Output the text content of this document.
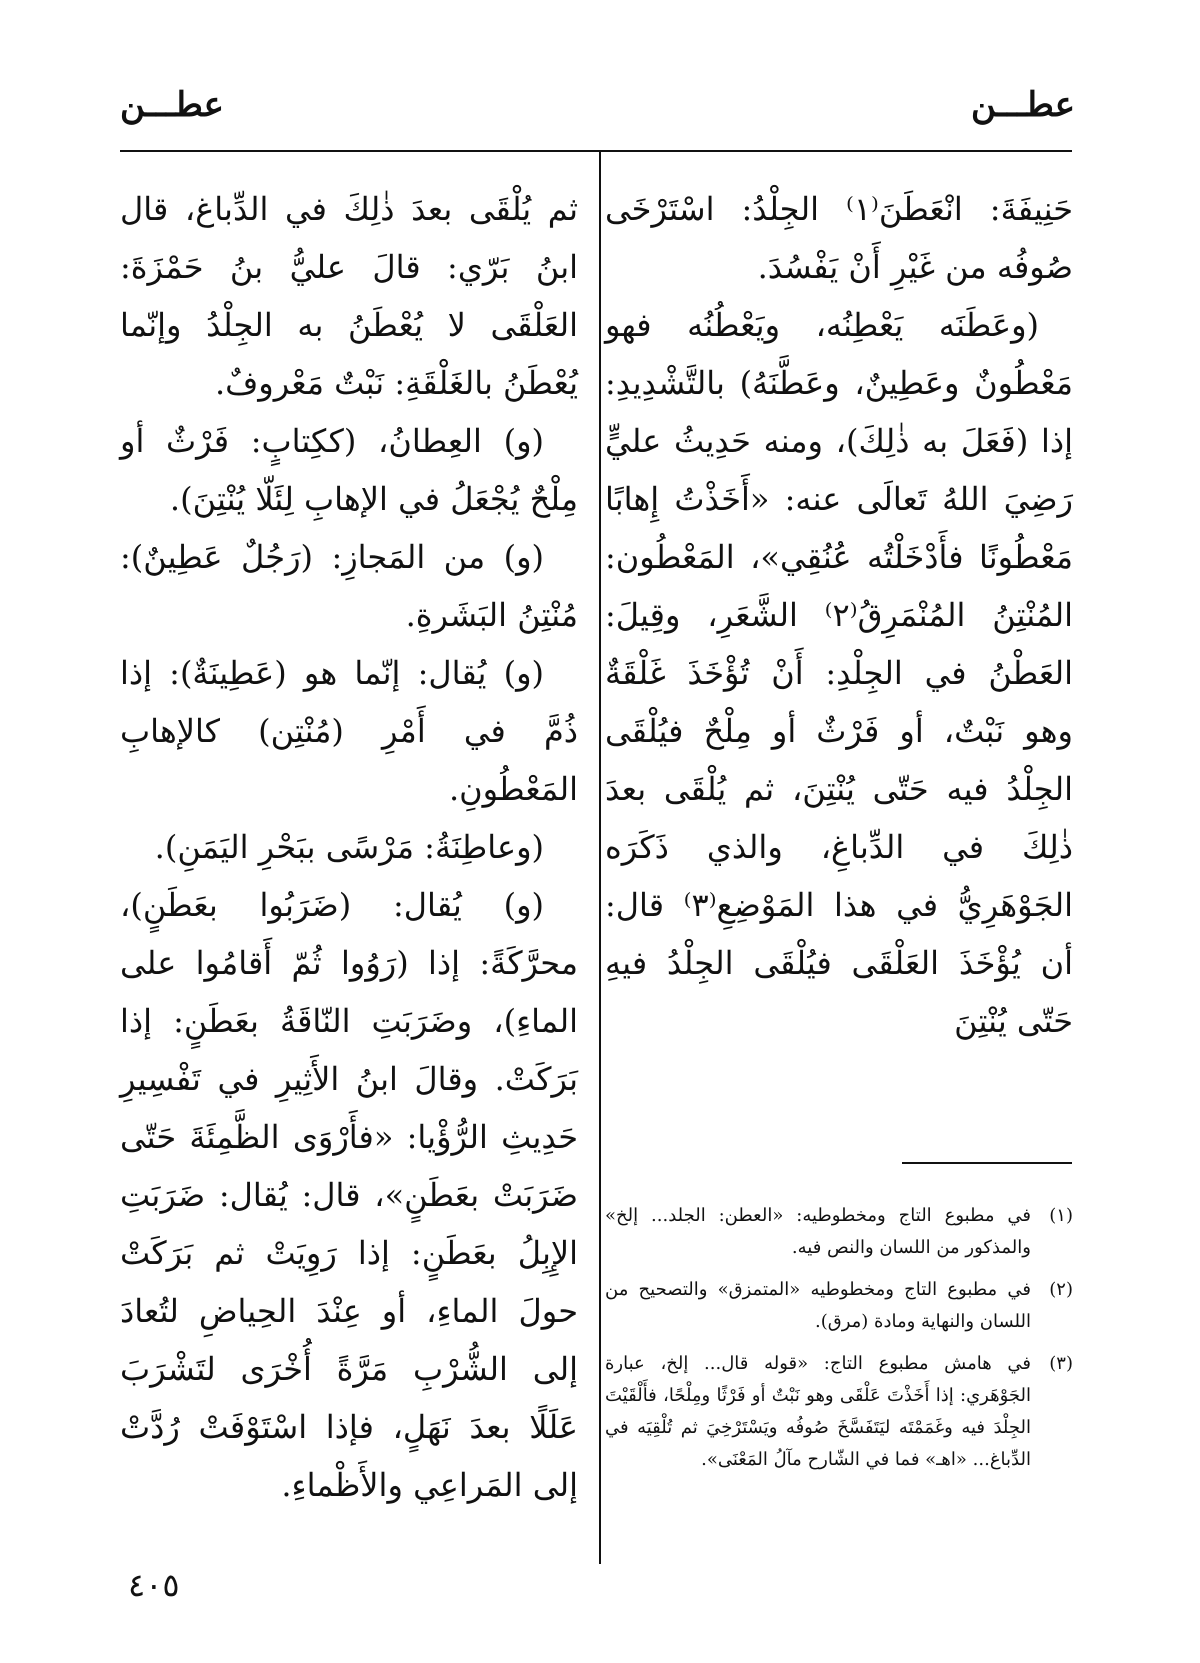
عطـــن
عطـــن

حَنِيفَةَ: انْعَطَنَ⁽١⁾ الجِلْدُ: اسْتَرْخَى صُوفُه من غَيْرِ أَنْ يَفْسُدَ.

(وعَطَنَه يَعْطِنُه، ويَعْطُنُه فهو مَعْطُونٌ وعَطِينٌ، وعَطَّنَهُ) بالتَّشْدِيدِ: إذا (فَعَلَ به ذٰلِكَ)، ومنه حَدِيثُ عليٍّ رَضِيَ اللهُ تَعالَى عنه: «أَخَذْتُ إِهابًا مَعْطُونًا فأَدْخَلْتُه عُنُقِي»، المَعْطُون: المُنْتِنُ المُنْمَرِقُ⁽٢⁾ الشَّعَرِ، وقِيلَ: العَطْنُ في الجِلْدِ: أَنْ تُؤْخَذَ غَلْقَةٌ وهو نَبْتٌ، أو فَرْثٌ أو مِلْحٌ فيُلْقَى الجِلْدُ فيه حَتّى يُنْتِنَ، ثم يُلْقَى بعدَ ذٰلِكَ في الدِّباغِ، والذي ذَكَرَه الجَوْهَرِيُّ في هذا المَوْضِعِ⁽٣⁾ قال: أن يُؤْخَذَ العَلْقَى فيُلْقَى الجِلْدُ فيهِ حَتّى يُنْتِنَ

ثم يُلْقَى بعدَ ذٰلِكَ في الدِّباغ، قال ابنُ بَرّي: قالَ عليُّ بنُ حَمْزَةَ: العَلْقَى لا يُعْطَنُ به الجِلْدُ وإنّما يُعْطَنُ بالغَلْقَةِ: نَبْتٌ مَعْروفٌ.

(و) العِطانُ، (ككِتابٍ: فَرْثٌ أو مِلْحٌ يُجْعَلُ في الإهابِ لِئَلّا يُنْتِنَ).

(و) من المَجازِ: (رَجُلٌ عَطِينٌ): مُنْتِنُ البَشَرةِ.

(و) يُقال: إنّما هو (عَطِينَةٌ): إذا ذُمَّ في أَمْرِ (مُنْتِن) كالإهابِ المَعْطُونِ.

(وعاطِنَةُ: مَرْسًى ببَحْرِ اليَمَنِ).

(و) يُقال: (ضَرَبُوا بعَطَنٍ)، محرَّكَةً: إذا (رَوُوا ثُمّ أَقامُوا على الماءِ)، وضَرَبَتِ النّاقَةُ بعَطَنٍ: إذا بَرَكَتْ. وقالَ ابنُ الأَثِيرِ في تَفْسِيرِ حَدِيثِ الرُّؤْيا: «فأَرْوَى الظَّمِئَةَ حَتّى ضَرَبَتْ بعَطَنٍ»، قال: يُقال: ضَرَبَتِ الإِبِلُ بعَطَنٍ: إذا رَوِيَتْ ثم بَرَكَتْ حولَ الماءِ، أو عِنْدَ الحِياضِ لتُعادَ إلى الشُّرْبِ مَرَّةً أُخْرَى لتَشْرَبَ عَلَلًا بعدَ نَهَلٍ، فإذا اسْتَوْفَتْ رُدَّتْ إلى المَراعِي والأَظْماءِ.

(١)
في مطبوع التاج ومخطوطيه: «العطن: الجلد... إلخ» والمذكور من اللسان والنص فيه.
(٢)
في مطبوع التاج ومخطوطيه «المتمزق» والتصحيح من اللسان والنهاية ومادة (مرق).
(٣)
في هامش مطبوع التاج: «قوله قال... إلخ، عبارة الجَوْهَري: إذا أَخَذْتَ عَلْقَى وهو نَبْتٌ أو فَرْثًا ومِلْحًا، فأَلْقَيْتَ الجِلْدَ فيه وغَمَمْتَه ليَتَفَسَّخَ صُوفُه ويَسْتَرْخِيَ ثم تُلْقِيَه في الدِّباغ... «اهـ» فما في الشّارح مآلُ المَعْنَى».
٤٠٥
